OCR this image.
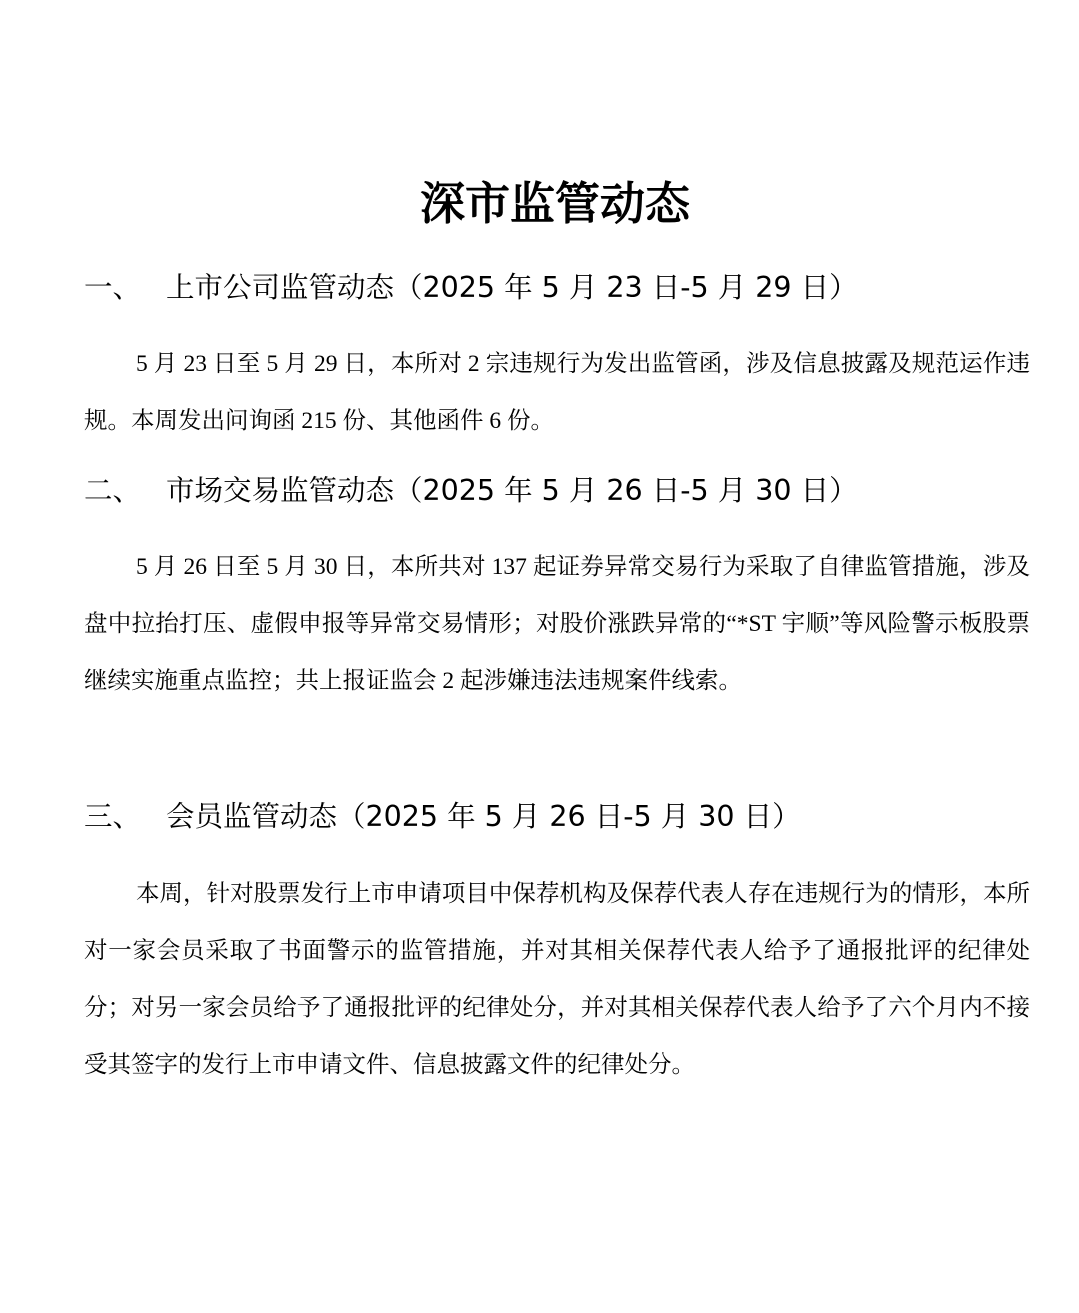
深市监管动态
一、 上市公司监管动态（2025 年 5 月 23 日-5 月 29 日）

5 月 23 日至 5 月 29 日，本所对 2 宗违规行为发出监管函，涉及信息披露及规范运作违规。本周发出问询函 215 份、其他函件 6 份。

二、 市场交易监管动态（2025 年 5 月 26 日-5 月 30 日）

5 月 26 日至 5 月 30 日，本所共对 137 起证券异常交易行为采取了自律监管措施，涉及盘中拉抬打压、虚假申报等异常交易情形；对股价涨跌异常的“*ST 宇顺”等风险警示板股票继续实施重点监控；共上报证监会 2 起涉嫌违法违规案件线索。

三、 会员监管动态（2025 年 5 月 26 日-5 月 30 日）

本周，针对股票发行上市申请项目中保荐机构及保荐代表人存在违规行为的情形，本所对一家会员采取了书面警示的监管措施，并对其相关保荐代表人给予了通报批评的纪律处分；对另一家会员给予了通报批评的纪律处分，并对其相关保荐代表人给予了六个月内不接受其签字的发行上市申请文件、信息披露文件的纪律处分。
